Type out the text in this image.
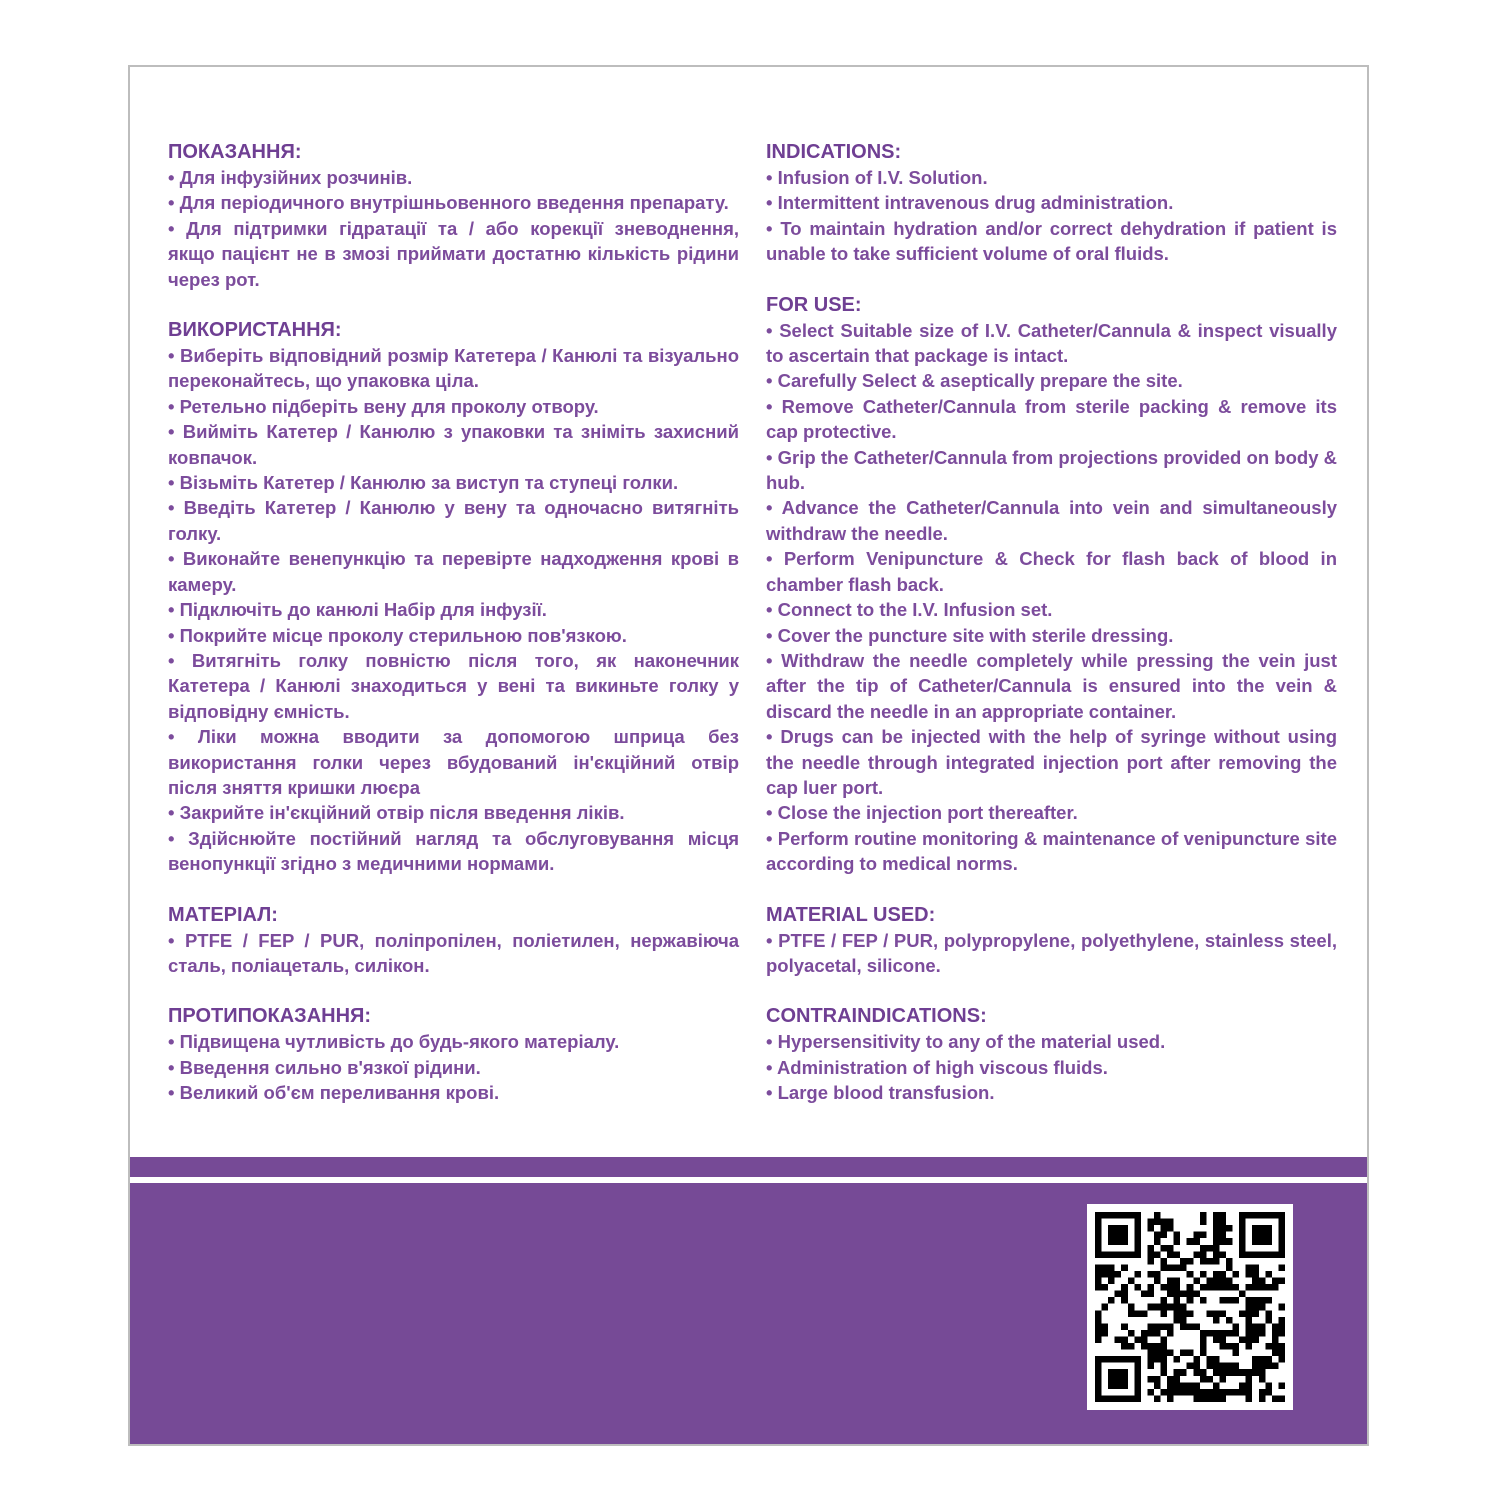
ПОКАЗАННЯ:

• Для інфузійних розчинів.

• Для періодичного внутрішньовенного введення препарату.

• Для підтримки гідратації та / або корекції зневоднення, якщо пацієнт не в змозі приймати достатню кількість рідини через рот.

ВИКОРИСТАННЯ:

• Виберіть відповідний розмір Катетера / Канюлі та візуально переконайтесь, що упаковка ціла.

• Ретельно підберіть вену для проколу отвору.

• Вийміть Катетер / Канюлю з упаковки та зніміть захисний ковпачок.

• Візьміть Катетер / Канюлю за виступ та ступеці голки.

• Введіть Катетер / Канюлю у вену та одночасно витягніть голку.

• Виконайте венепункцію та перевірте надходження крові в камеру.

• Підключіть до канюлі Набір для інфузії.

• Покрийте місце проколу стерильною пов'язкою.

• Витягніть голку повністю після того, як наконечник Катетера / Канюлі знаходиться у вені та викиньте голку у відповідну ємність.

• Ліки можна вводити за допомогою шприца без використання голки через вбудований ін'єкційний отвір після зняття кришки люєра

• Закрийте ін'єкційний отвір після введення ліків.

• Здійснюйте постійний нагляд та обслуговування місця венопункції згідно з медичними нормами.

МАТЕРІАЛ:

• PTFE / FEP / PUR, поліпропілен, поліетилен, нержавіюча сталь, поліацеталь, силікон.

ПРОТИПОКАЗАННЯ:

• Підвищена чутливість до будь-якого матеріалу.

• Введення сильно в'язкої рідини.

• Великий об'єм переливання крові.

INDICATIONS:

• Infusion of I.V. Solution.

• Intermittent intravenous drug administration.

• To maintain hydration and/or correct dehydration if patient is unable to take sufficient volume of oral fluids.

FOR USE:

• Select Suitable size of I.V. Catheter/Cannula & inspect visually to ascertain that package is intact.

• Carefully Select & aseptically prepare the site.

• Remove Catheter/Cannula from sterile packing & remove its cap protective.

• Grip the Catheter/Cannula from projections provided on body & hub.

• Advance the Catheter/Cannula into vein and simultaneously withdraw the needle.

• Perform Venipuncture & Check for flash back of blood in chamber flash back.

• Connect to the I.V. Infusion set.

• Cover the puncture site with sterile dressing.

• Withdraw the needle completely while pressing the vein just after the tip of Catheter/Cannula is ensured into the vein & discard the needle in an appropriate container.

• Drugs can be injected with the help of syringe without using the needle through integrated injection port after removing the cap luer port.

• Close the injection port thereafter.

• Perform routine monitoring & maintenance of venipuncture site according to medical norms.

MATERIAL USED:

• PTFE / FEP / PUR, polypropylene, polyethylene, stainless steel, polyacetal, silicone.

CONTRAINDICATIONS:

• Hypersensitivity to any of the material used.

• Administration of high viscous fluids.

• Large blood transfusion.
